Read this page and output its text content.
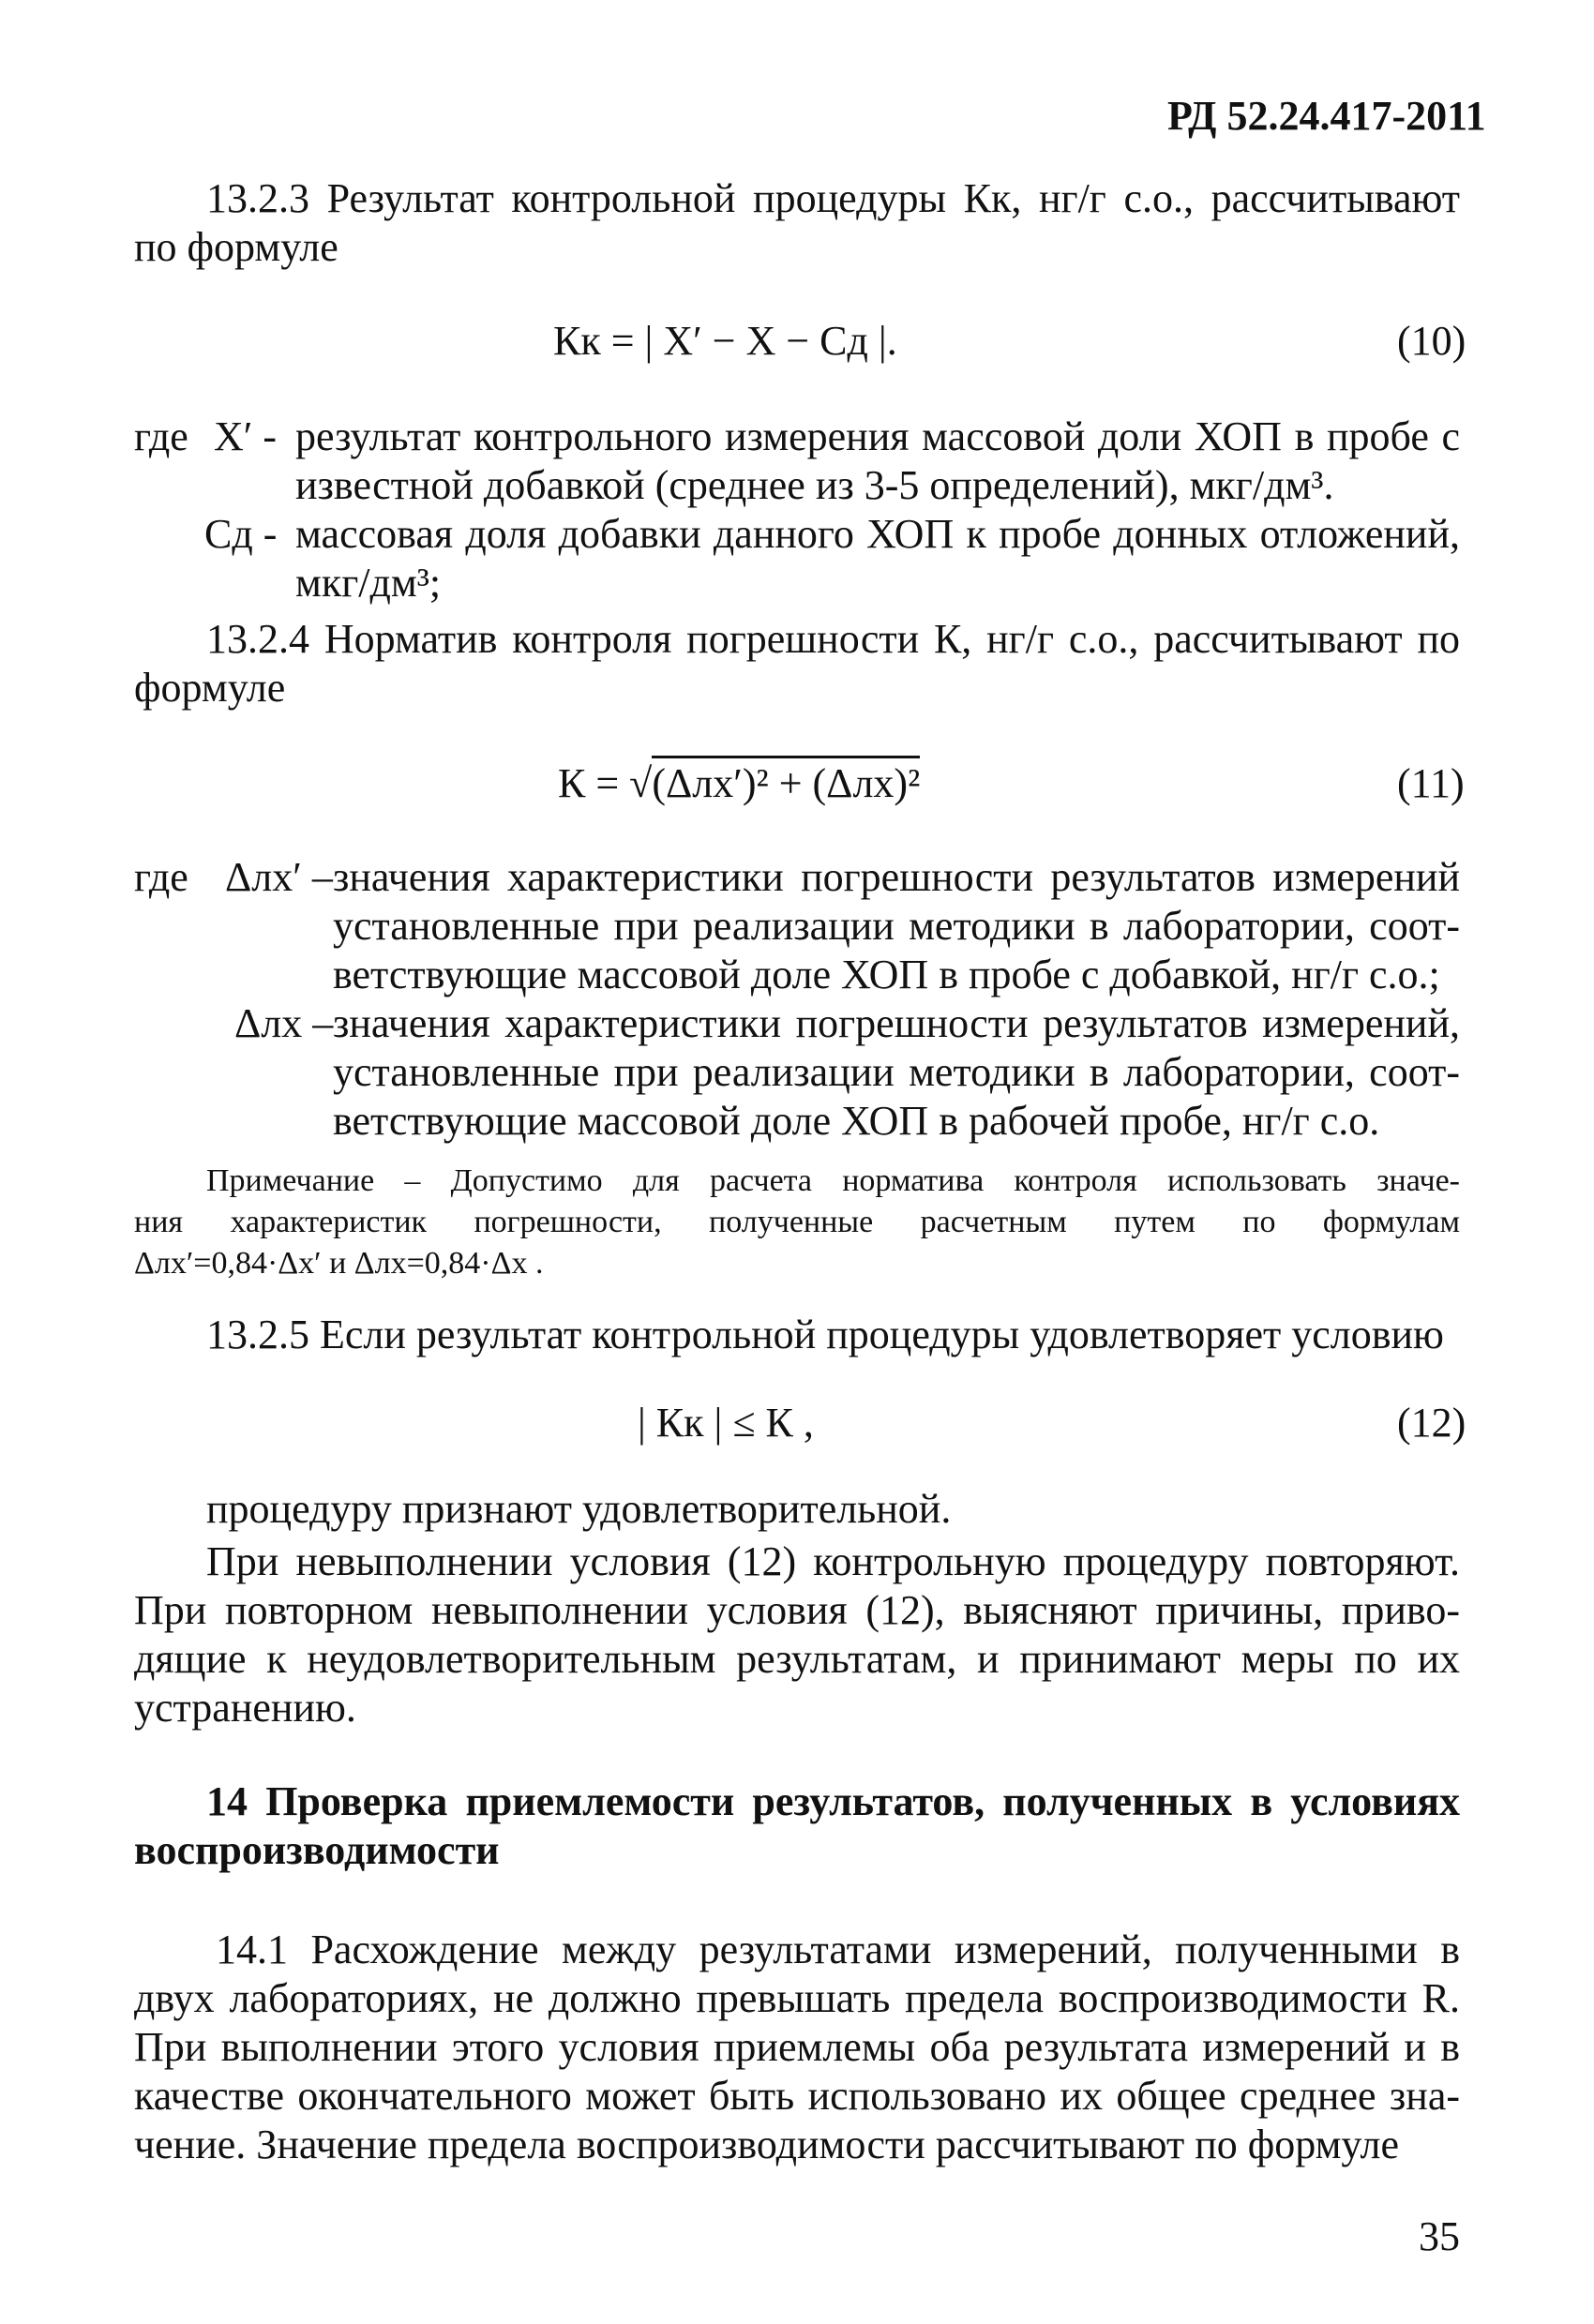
РД 52.24.417-2011
13.2.3 Результат контрольной процедуры Кк, нг/г с.о., рассчитывают
по формуле
Кк = | X′ − X − Сд |.	(10)
где X′ - результат контрольного измерения массовой доли ХОП в пробе с
известной добавкой (среднее из 3-5 определений), мкг/дм³.
Сд - массовая доля добавки данного ХОП к пробе донных отложений,
мкг/дм³;
13.2.4 Норматив контроля погрешности К, нг/г с.о., рассчитывают по
формуле
К = √(Δлх′)² + (Δлх)²	(11)
где Δлх′ – значения характеристики погрешности результатов измерений
установленные при реализации методики в лаборатории, соот-
ветствующие массовой доле ХОП в пробе с добавкой, нг/г с.о.;
Δлх – значения характеристики погрешности результатов измерений,
установленные при реализации методики в лаборатории, соот-
ветствующие массовой доле ХОП в рабочей пробе, нг/г с.о.
Примечание – Допустимо для расчета норматива контроля использовать значе-
ния характеристик погрешности, полученные расчетным путем по формулам
Δлх′=0,84·Δх′ и Δлх=0,84·Δх .
13.2.5 Если результат контрольной процедуры удовлетворяет условию
| Кк | ≤ К ,	(12)
процедуру признают удовлетворительной.
При невыполнении условия (12) контрольную процедуру повторяют.
При повторном невыполнении условия (12), выясняют причины, приво-
дящие к неудовлетворительным результатам, и принимают меры по их
устранению.
14 Проверка приемлемости результатов, полученных в условиях
воспроизводимости
14.1 Расхождение между результатами измерений, полученными в
двух лабораториях, не должно превышать предела воспроизводимости R.
При выполнении этого условия приемлемы оба результата измерений и в
качестве окончательного может быть использовано их общее среднее зна-
чение. Значение предела воспроизводимости рассчитывают по формуле
35
